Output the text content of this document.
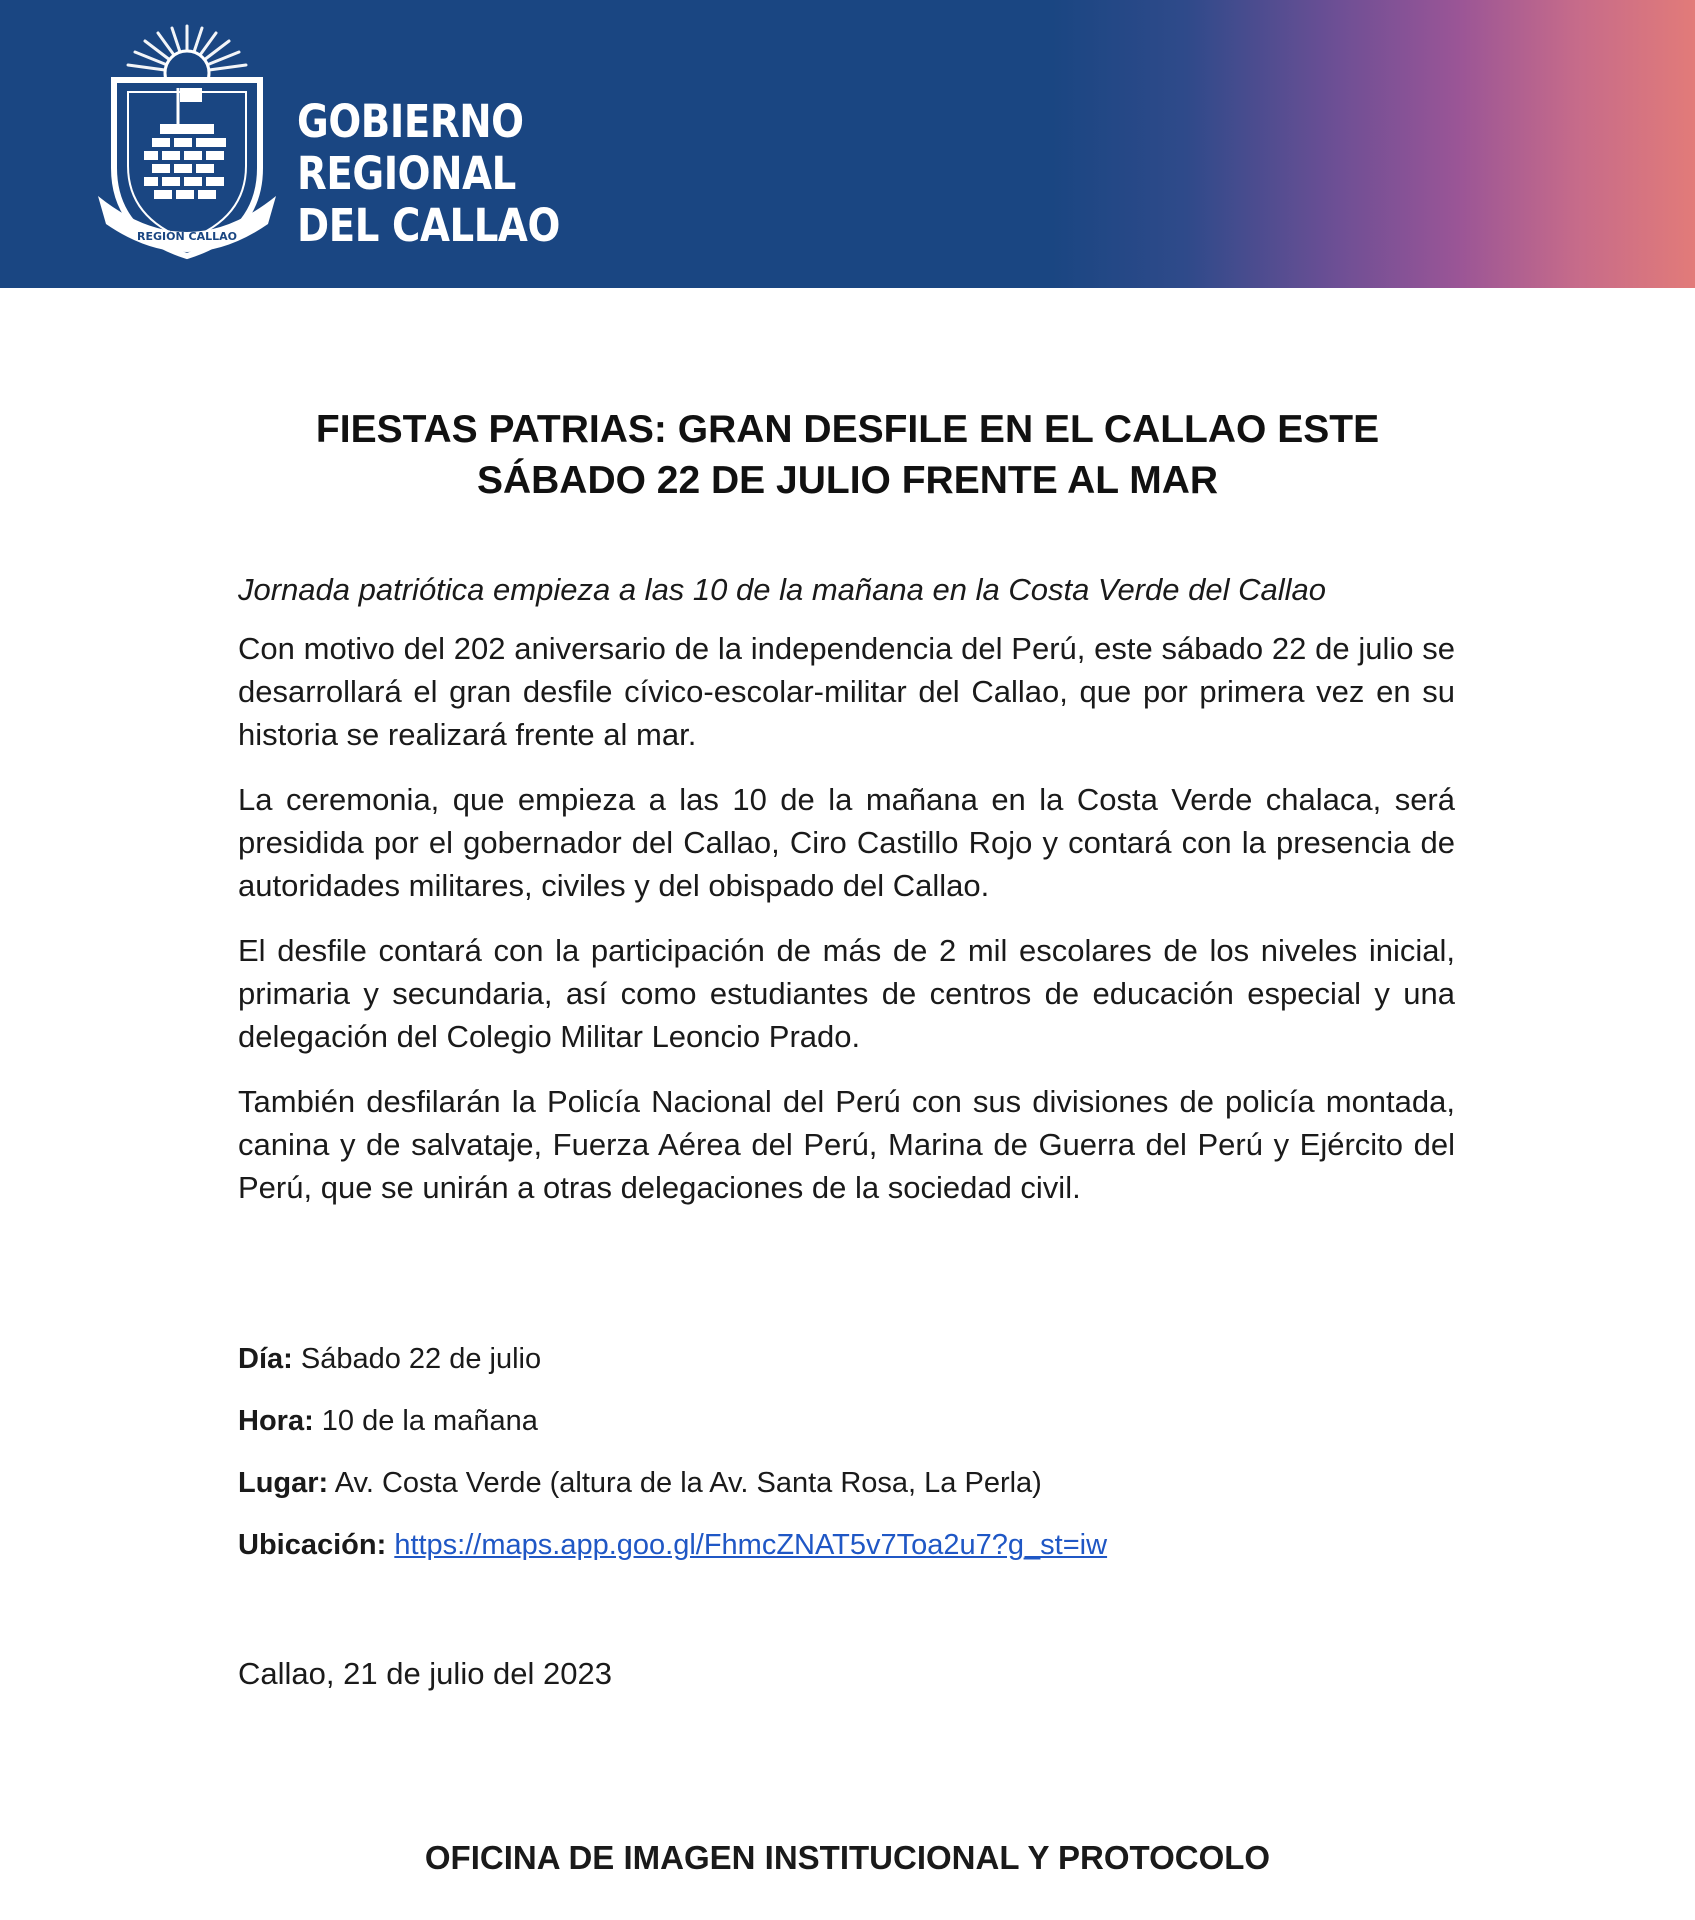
REGIÓN CALLAO
GOBIERNO
REGIONAL
DEL CALLAO
FIESTAS PATRIAS: GRAN DESFILE EN EL CALLAO ESTE
SÁBADO 22 DE JULIO FRENTE AL MAR

Jornada patriótica empieza a las 10 de la mañana en la Costa Verde del Callao

Con motivo del 202 aniversario de la independencia del Perú, este sábado 22 de julio se desarrollará el gran desfile cívico-escolar-militar del Callao, que por primera vez en su historia se realizará frente al mar.

La ceremonia, que empieza a las 10 de la mañana en la Costa Verde chalaca, será presidida por el gobernador del Callao, Ciro Castillo Rojo y contará con la presencia de autoridades militares, civiles y del obispado del Callao.

El desfile contará con la participación de más de 2 mil escolares de los niveles inicial, primaria y secundaria, así como estudiantes de centros de educación especial y una delegación del Colegio Militar Leoncio Prado.

También desfilarán la Policía Nacional del Perú con sus divisiones de policía montada, canina y de salvataje, Fuerza Aérea del Perú, Marina de Guerra del Perú y Ejército del Perú, que se unirán a otras delegaciones de la sociedad civil.

Día: Sábado 22 de julio
Hora: 10 de la mañana
Lugar: Av. Costa Verde (altura de la Av. Santa Rosa, La Perla)
Ubicación: https://maps.app.goo.gl/FhmcZNAT5v7Toa2u7?g_st=iw

Callao, 21 de julio del 2023

OFICINA DE IMAGEN INSTITUCIONAL Y PROTOCOLO
